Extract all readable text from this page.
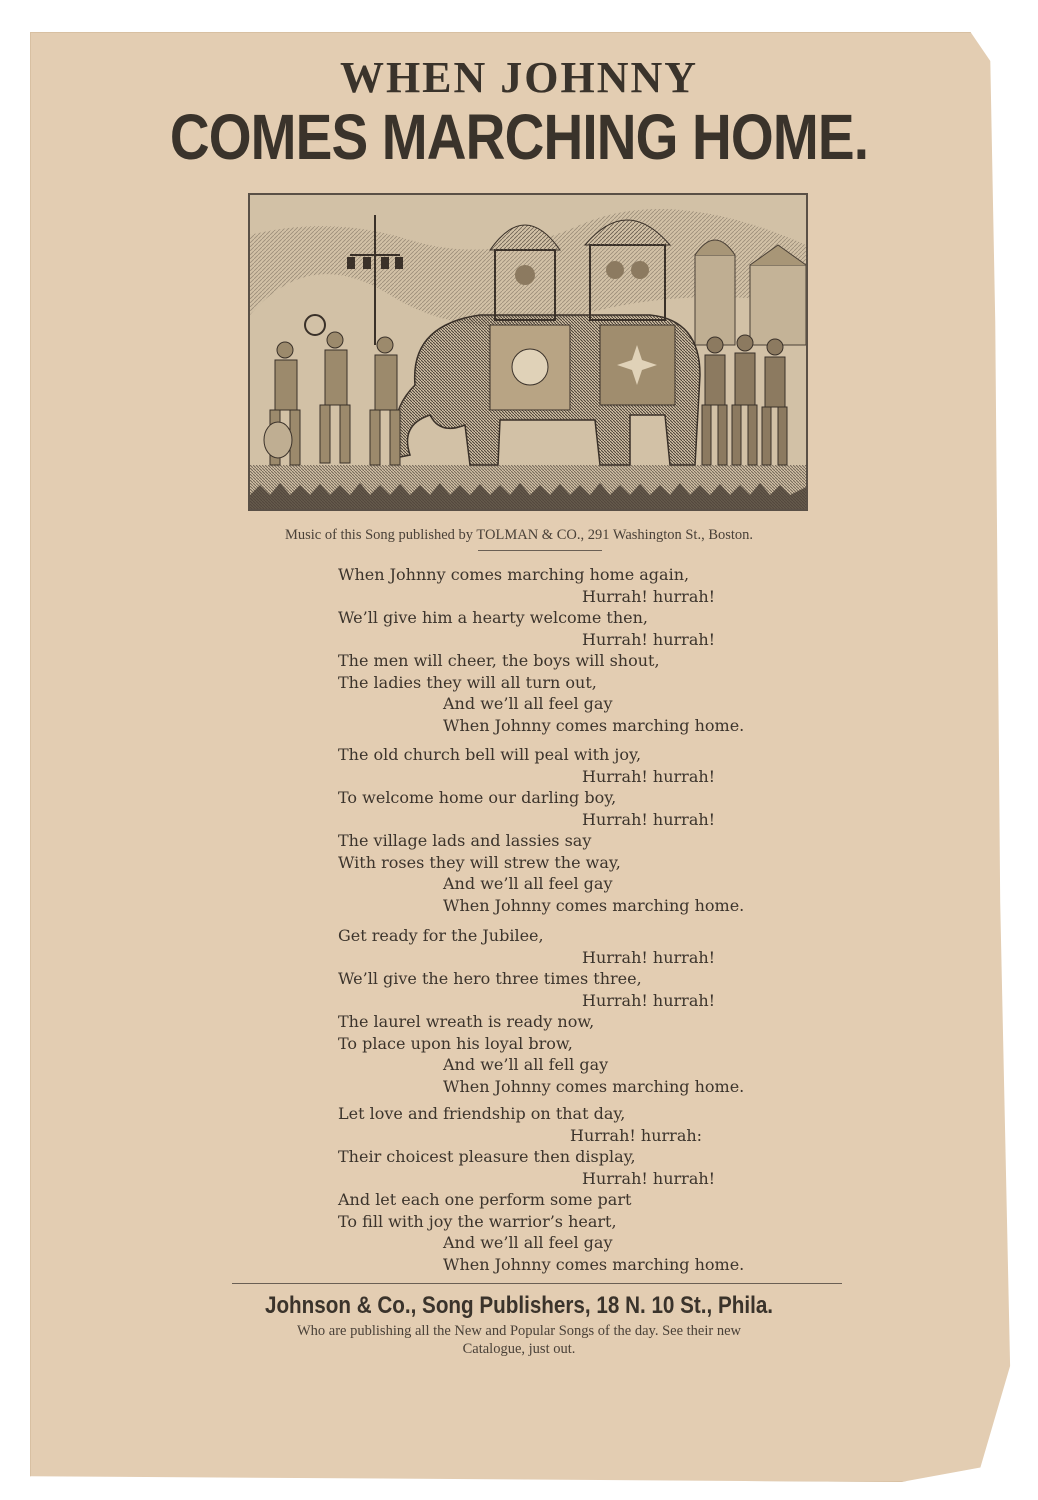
WHEN JOHNNY
COMES MARCHING HOME.
Music of this Song published by TOLMAN & CO., 291 Washington St., Boston.
When Johnny comes marching home again,
Hurrah! hurrah!
We’ll give him a hearty welcome then,
Hurrah! hurrah!
The men will cheer, the boys will shout,
The ladies they will all turn out,
And we’ll all feel gay
When Johnny comes marching home.
The old church bell will peal with joy,
Hurrah! hurrah!
To welcome home our darling boy,
Hurrah! hurrah!
The village lads and lassies say
With roses they will strew the way,
And we’ll all feel gay
When Johnny comes marching home.
Get ready for the Jubilee,
Hurrah! hurrah!
We’ll give the hero three times three,
Hurrah! hurrah!
The laurel wreath is ready now,
To place upon his loyal brow,
And we’ll all fell gay
When Johnny comes marching home.
Let love and friendship on that day,
Hurrah! hurrah:
Their choicest pleasure then display,
Hurrah! hurrah!
And let each one perform some part
To fill with joy the warrior’s heart,
And we’ll all feel gay
When Johnny comes marching home.
Johnson & Co., Song Publishers, 18 N. 10 St., Phila.
Who are publishing all the New and Popular Songs of the day. See their new
Catalogue, just out.
